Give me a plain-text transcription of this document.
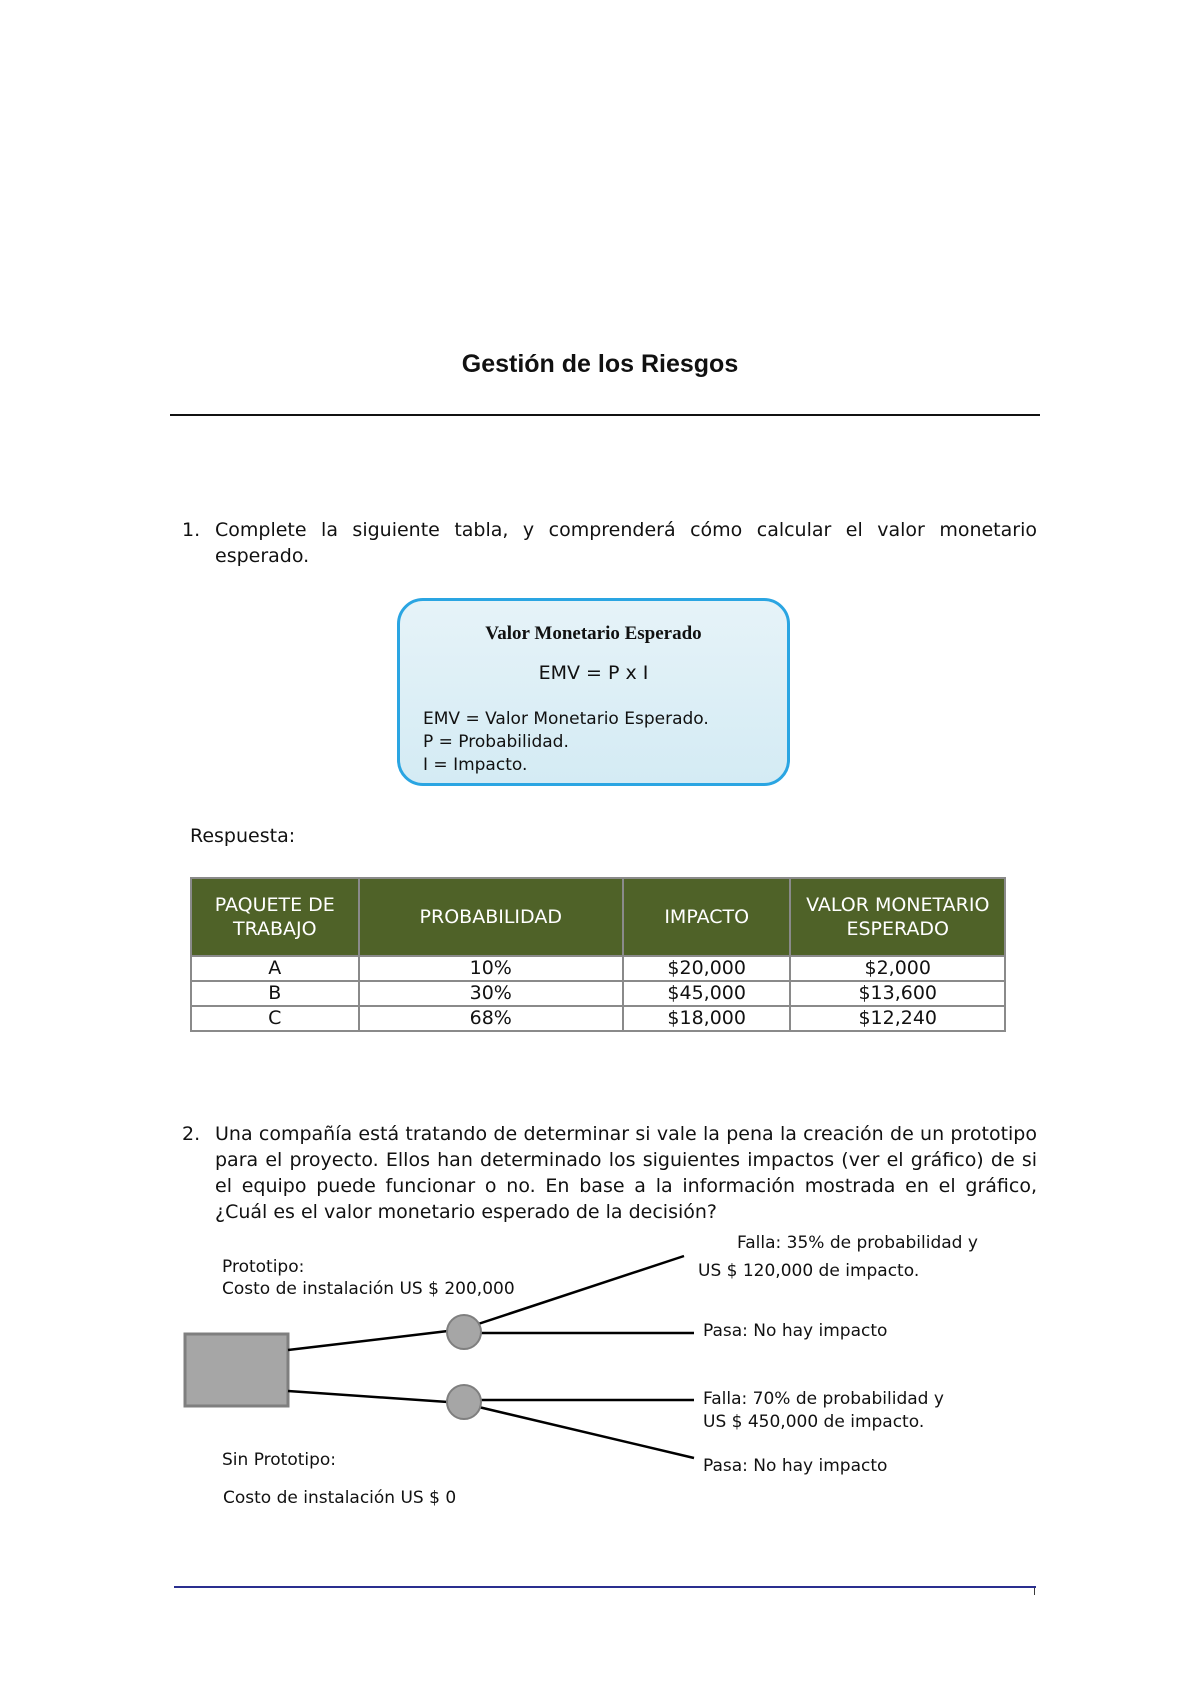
Gestión de los Riesgos
1. Complete la siguiente tabla, y comprenderá cómo calcular el valor monetario esperado.
Valor Monetario Esperado
EMV = P x I
EMV = Valor Monetario Esperado.
P = Probabilidad.
I = Impacto.
Respuesta:
PAQUETE DE TRABAJO	PROBABILIDAD	IMPACTO	VALOR MONETARIO ESPERADO
A	10%	$20,000	$2,000
B	30%	$45,000	$13,600
C	68%	$18,000	$12,240
2. Una compañía está tratando de determinar si vale la pena la creación de un prototipo para el proyecto. Ellos han determinado los siguientes impactos (ver el gráfico) de si el equipo puede funcionar o no. En base a la información mostrada en el gráfico, ¿Cuál es el valor monetario esperado de la decisión?
Prototipo:
Costo de instalación US $ 200,000
Falla: 35% de probabilidad y
US $ 120,000 de impacto.
Pasa: No hay impacto
Falla: 70% de probabilidad y
US $ 450,000 de impacto.
Pasa: No hay impacto
Sin Prototipo:
Costo de instalación US $ 0
I
